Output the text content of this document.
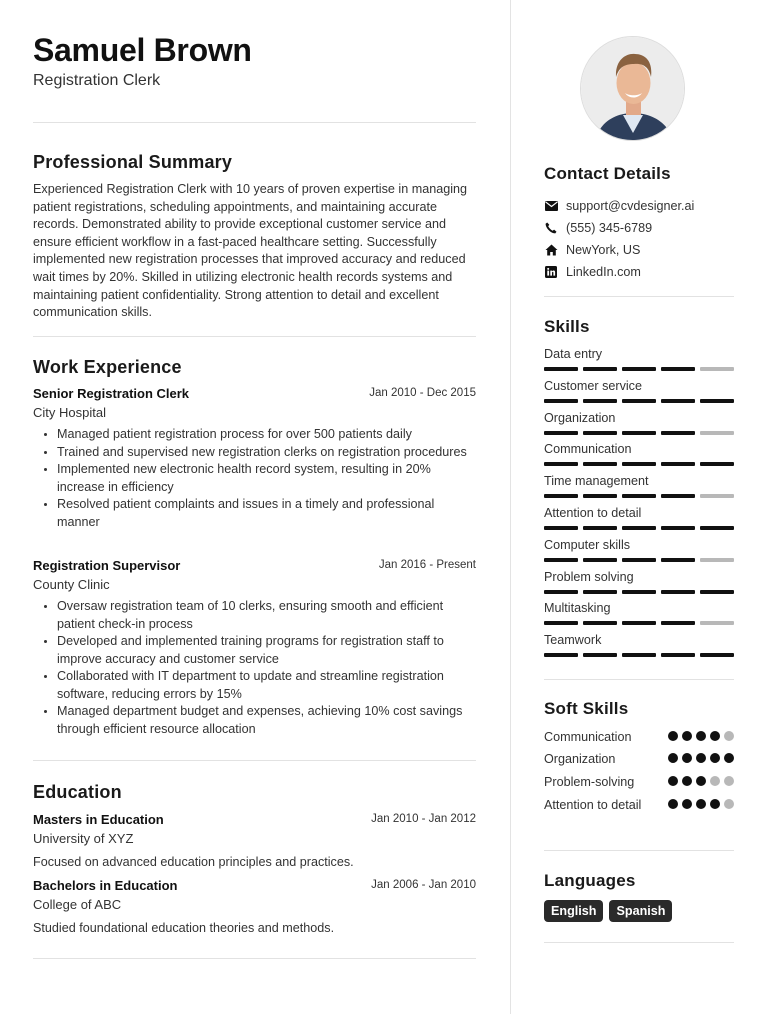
Samuel Brown
Registration Clerk
Professional Summary
Experienced Registration Clerk with 10 years of proven expertise in managing patient registrations, scheduling appointments, and maintaining accurate records. Demonstrated ability to provide exceptional customer service and ensure efficient workflow in a fast-paced healthcare setting. Successfully implemented new registration processes that improved accuracy and reduced wait times by 20%. Skilled in utilizing electronic health records systems and maintaining patient confidentiality. Strong attention to detail and excellent communication skills.
Work Experience
Senior Registration Clerk	Jan 2010 - Dec 2015
City Hospital
• Managed patient registration process for over 500 patients daily
• Trained and supervised new registration clerks on registration procedures
• Implemented new electronic health record system, resulting in 20% increase in efficiency
• Resolved patient complaints and issues in a timely and professional manner
Registration Supervisor	Jan 2016 - Present
County Clinic
• Oversaw registration team of 10 clerks, ensuring smooth and efficient patient check-in process
• Developed and implemented training programs for registration staff to improve accuracy and customer service
• Collaborated with IT department to update and streamline registration software, reducing errors by 15%
• Managed department budget and expenses, achieving 10% cost savings through efficient resource allocation
Education
Masters in Education	Jan 2010 - Jan 2012
University of XYZ
Focused on advanced education principles and practices.
Bachelors in Education	Jan 2006 - Jan 2010
College of ABC
Studied foundational education theories and methods.
Contact Details
support@cvdesigner.ai
(555) 345-6789
NewYork, US
LinkedIn.com
Skills
Data entry
Customer service
Organization
Communication
Time management
Attention to detail
Computer skills
Problem solving
Multitasking
Teamwork
Soft Skills
Communication
Organization
Problem-solving
Attention to detail
Languages
English	Spanish
